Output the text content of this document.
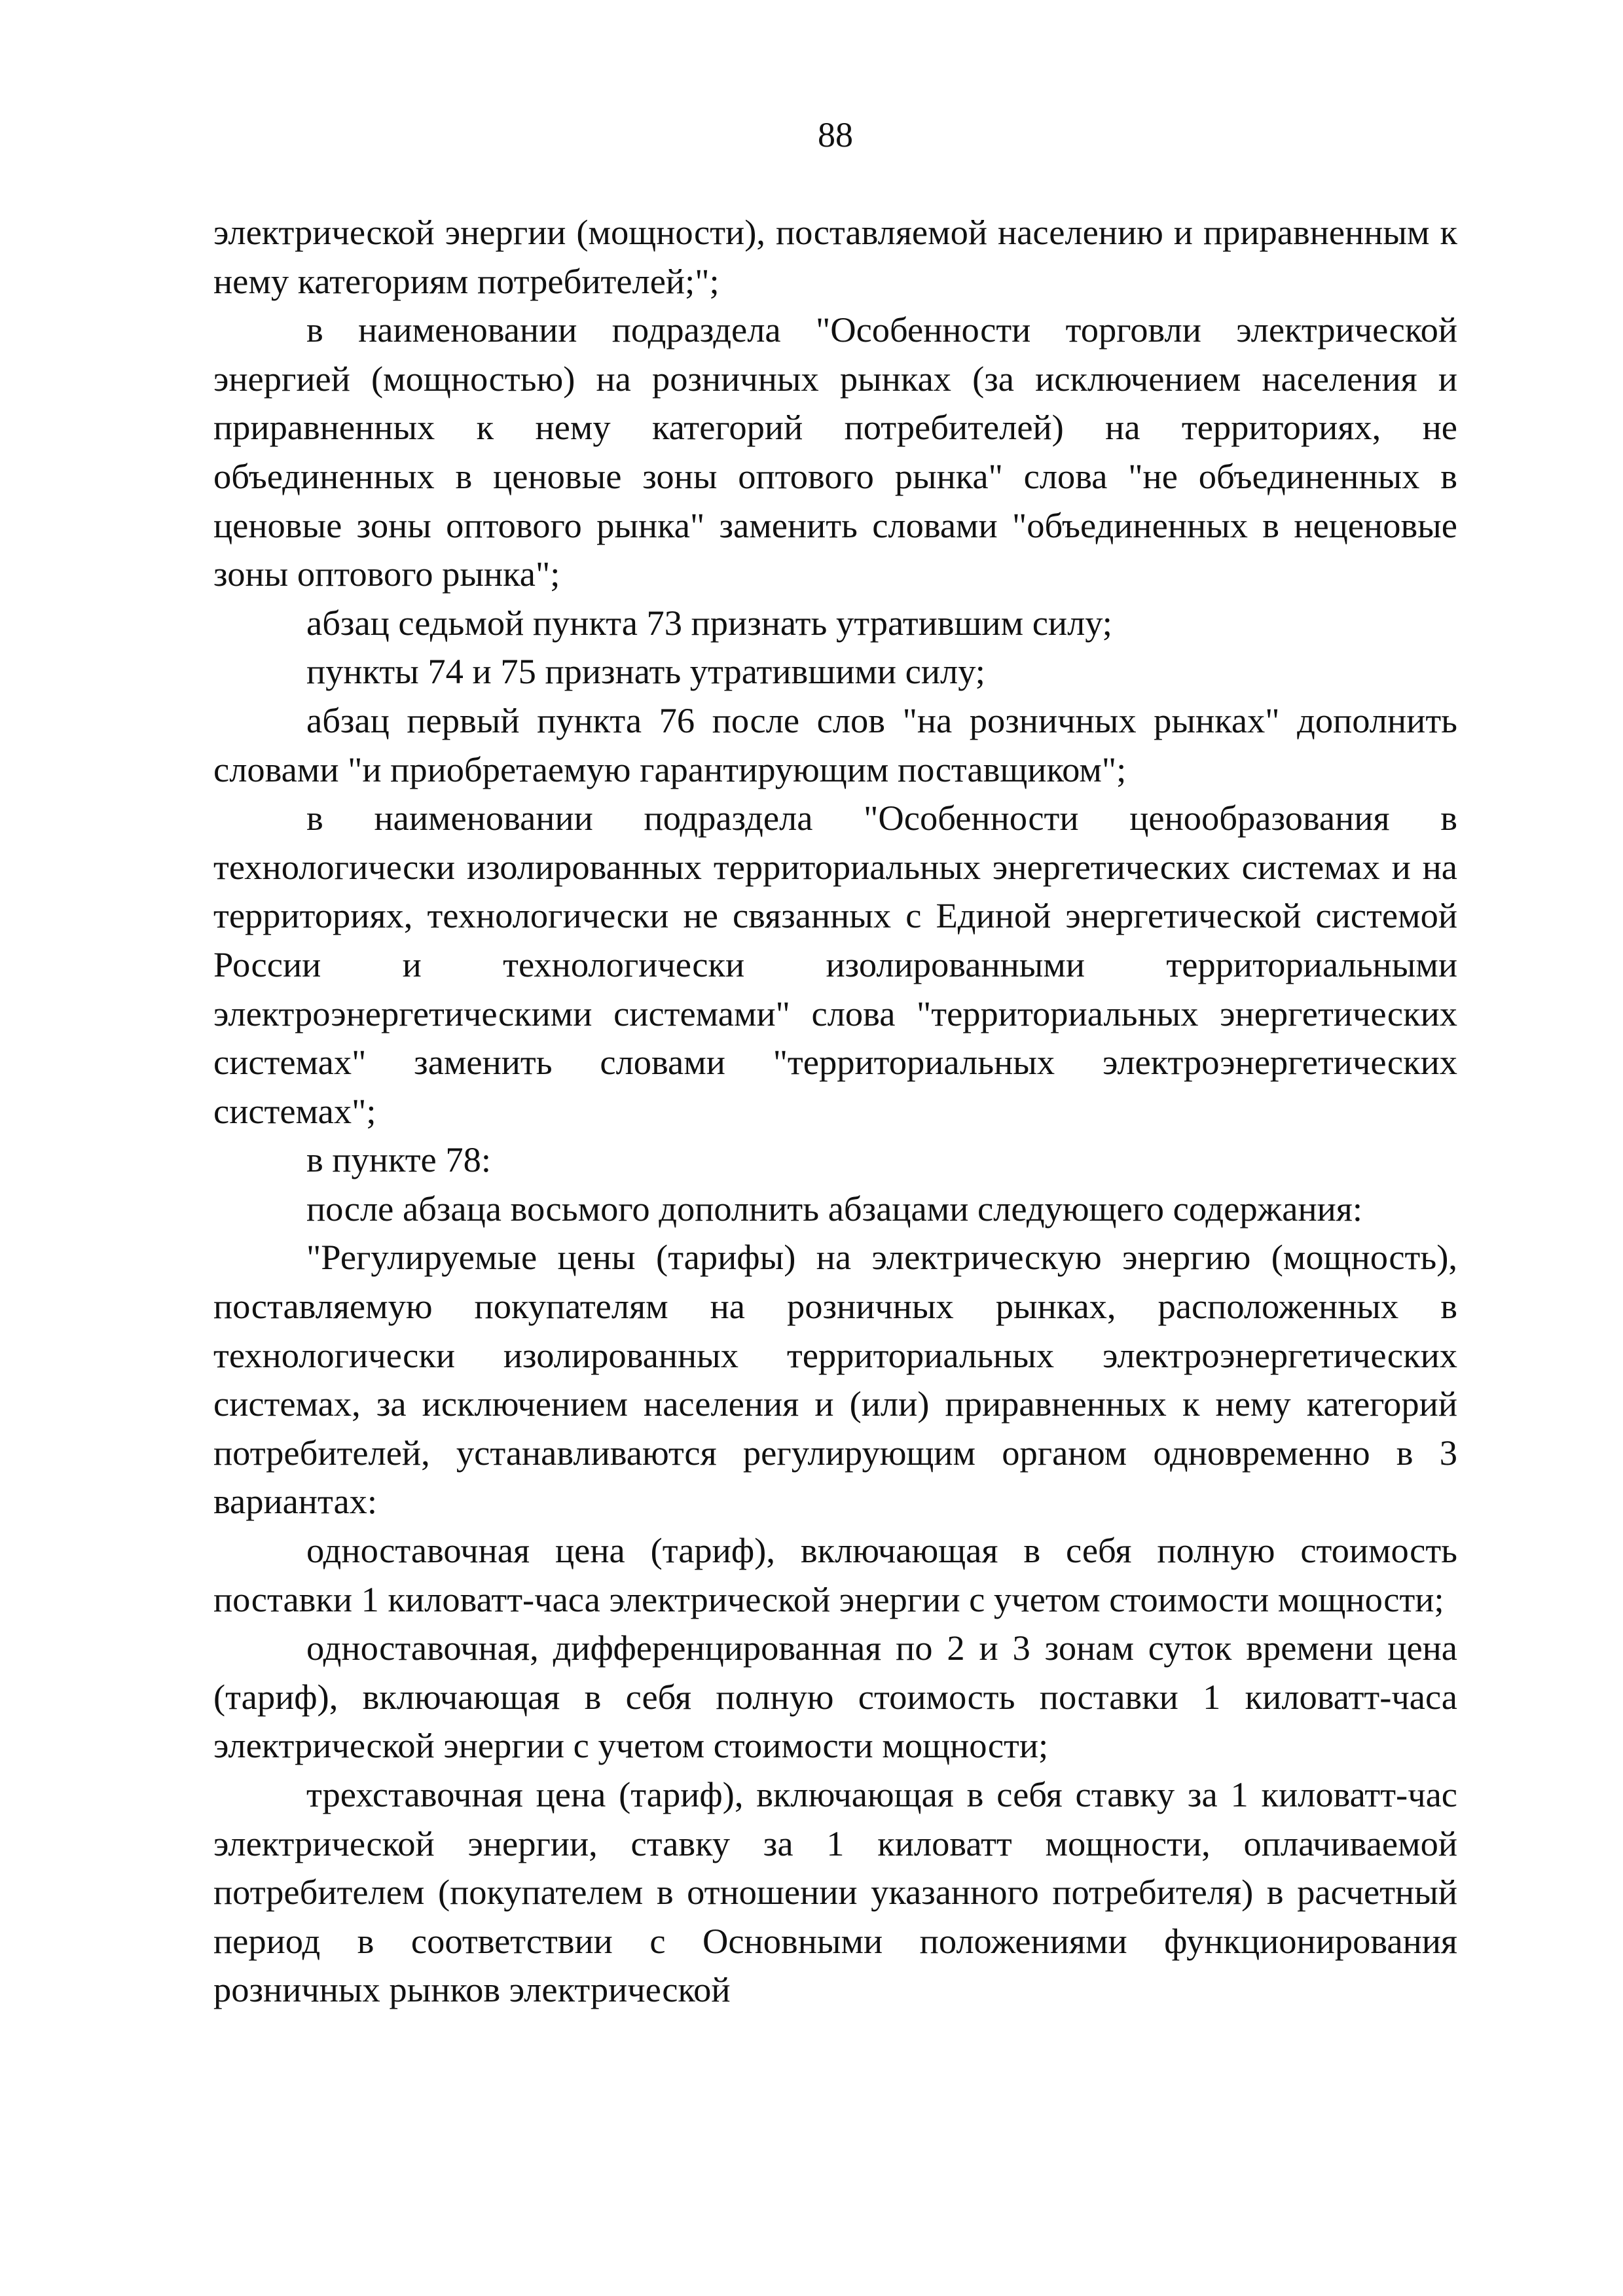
88

электрической энергии (мощности), поставляемой населению и приравненным к нему категориям потребителей;";

в наименовании подраздела "Особенности торговли электрической энергией (мощностью) на розничных рынках (за исключением населения и приравненных к нему категорий потребителей) на территориях, не объединенных в ценовые зоны оптового рынка" слова "не объединенных в ценовые зоны оптового рынка" заменить словами "объединенных в неценовые зоны оптового рынка";

абзац седьмой пункта 73 признать утратившим силу;

пункты 74 и 75 признать утратившими силу;

абзац первый пункта 76 после слов "на розничных рынках" дополнить словами "и приобретаемую гарантирующим поставщиком";

в наименовании подраздела "Особенности ценообразования в технологически изолированных территориальных энергетических системах и на территориях, технологически не связанных с Единой энергетической системой России и технологически изолированными территориальными электроэнергетическими системами" слова "территориальных энергетических системах" заменить словами "территориальных электроэнергетических системах";

в пункте 78:

после абзаца восьмого дополнить абзацами следующего содержания:

"Регулируемые цены (тарифы) на электрическую энергию (мощность), поставляемую покупателям на розничных рынках, расположенных в технологически изолированных территориальных электроэнергетических системах, за исключением населения и (или) приравненных к нему категорий потребителей, устанавливаются регулирующим органом одновременно в 3 вариантах:

одноставочная цена (тариф), включающая в себя полную стоимость поставки 1 киловатт-часа электрической энергии с учетом стоимости мощности;

одноставочная, дифференцированная по 2 и 3 зонам суток времени цена (тариф), включающая в себя полную стоимость поставки 1 киловатт-часа электрической энергии с учетом стоимости мощности;

трехставочная цена (тариф), включающая в себя ставку за 1 киловатт-час электрической энергии, ставку за 1 киловатт мощности, оплачиваемой потребителем (покупателем в отношении указанного потребителя) в расчетный период в соответствии с Основными положениями функционирования розничных рынков электрической
